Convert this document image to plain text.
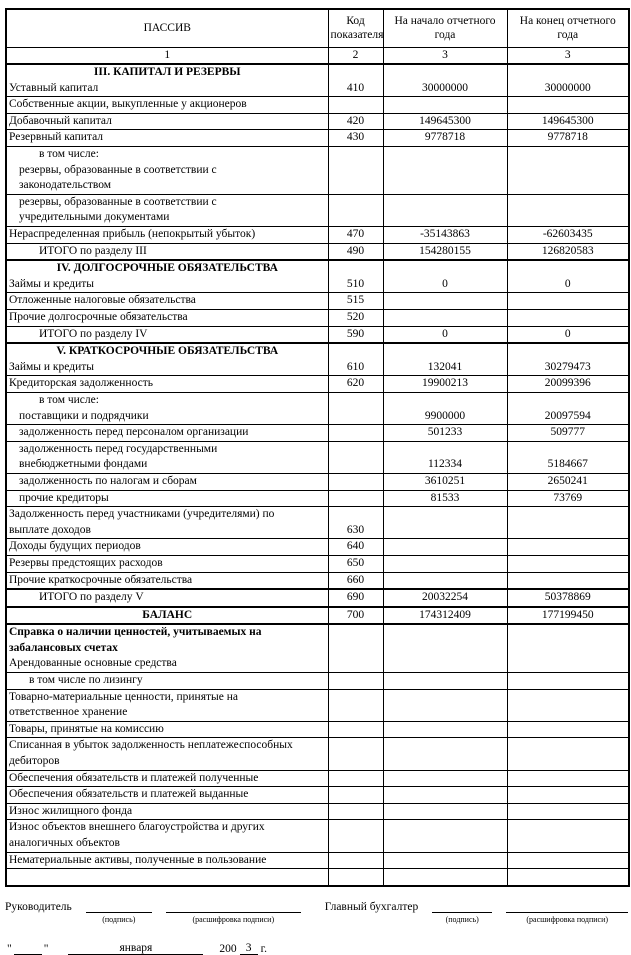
ПАССИВ	Код показателя	На начало отчетного года	На конец отчетного года
1	2	3	3

III. КАПИТАЛ И РЕЗЕРВЫ
Уставный капитал	410	30000000	30000000

Собственные акции, выкупленные у акционеров			

Добавочный капитал	420	149645300	149645300

Резервный капитал	430	9778718	9778718

в том числе:
резервы, образованные в соответствии с
законодательством			

резервы, образованные в соответствии с
учредительными документами			

Нераспределенная прибыль (непокрытый убыток)	470	-35143863	-62603435

ИТОГО по разделу III	490	154280155	126820583

IV. ДОЛГОСРОЧНЫЕ ОБЯЗАТЕЛЬСТВА
Займы и кредиты	510	0	0

Отложенные налоговые обязательства	515		

Прочие долгосрочные обязательства	520		

ИТОГО по разделу IV	590	0	0

V. КРАТКОСРОЧНЫЕ ОБЯЗАТЕЛЬСТВА
Займы и кредиты	610	132041	30279473

Кредиторская задолженность	620	19900213	20099396

в том числе:
поставщики и подрядчики		9900000	20097594

задолженность перед персоналом организации		501233	509777

задолженность перед государственными
внебюджетными фондами		112334	5184667

задолженность по налогам и сборам		3610251	2650241

прочие кредиторы		81533	73769

Задолженность перед участниками (учредителями) по
выплате доходов	630		

Доходы будущих периодов	640		

Резервы предстоящих расходов	650		

Прочие краткосрочные обязательства	660		

ИТОГО по разделу V	690	20032254	50378869

БАЛАНС	700	174312409	177199450

Справка о наличии ценностей, учитываемых на
забалансовых счетах
Арендованные основные средства			

в том числе по лизингу			

Товарно-материальные ценности, принятые на
ответственное хранение			

Товары, принятые на комиссию			

Списанная в убыток задолженность неплатежеспособных
дебиторов			

Обеспечения обязательств и платежей полученные			

Обеспечения обязательств и платежей выданные			

Износ жилищного фонда			

Износ объектов внешнего благоустройства и других
аналогичных объектов			

Нематериальные активы, полученные в пользование			

Руководитель
(подпись)	(расшифровка подписи)
Главный бухгалтер
(подпись)	(расшифровка подписи)
"	"	января	200 3 г.
